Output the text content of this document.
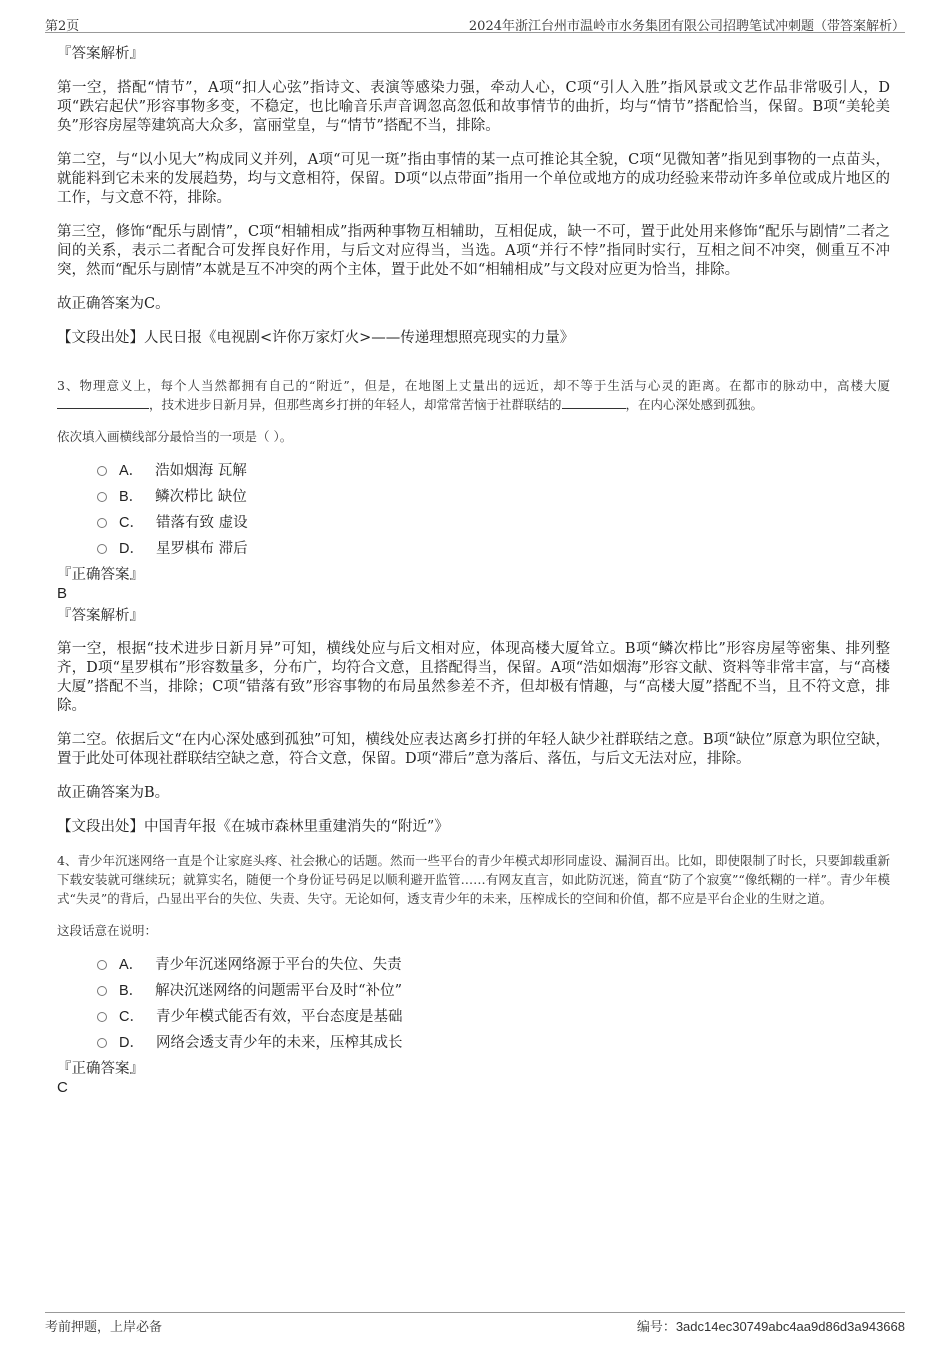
第2页	2024年浙江台州市温岭市水务集团有限公司招聘笔试冲刺题（带答案解析）
『答案解析』

第一空，搭配“情节”，A项“扣人心弦”指诗文、表演等感染力强，牵动人心，C项“引人入胜”指风景或文艺作品非常吸引人，D项“跌宕起伏”形容事物多变，不稳定，也比喻音乐声音调忽高忽低和故事情节的曲折，均与“情节”搭配恰当，保留。B项“美轮美奂”形容房屋等建筑高大众多，富丽堂皇，与“情节”搭配不当，排除。

第二空，与“以小见大”构成同义并列，A项“可见一斑”指由事情的某一点可推论其全貌，C项“见微知著”指见到事物的一点苗头，就能料到它未来的发展趋势，均与文意相符，保留。D项“以点带面”指用一个单位或地方的成功经验来带动许多单位或成片地区的工作，与文意不符，排除。

第三空，修饰“配乐与剧情”，C项“相辅相成”指两种事物互相辅助，互相促成，缺一不可，置于此处用来修饰“配乐与剧情”二者之间的关系，表示二者配合可发挥良好作用，与后文对应得当，当选。A项“并行不悖”指同时实行，互相之间不冲突，侧重互不冲突，然而“配乐与剧情”本就是互不冲突的两个主体，置于此处不如“相辅相成”与文段对应更为恰当，排除。

故正确答案为C。

【文段出处】人民日报《电视剧<许你万家灯火>——传递理想照亮现实的力量》

3、物理意义上，每个人当然都拥有自己的“附近”，但是，在地图上丈量出的远近，却不等于生活与心灵的距离。在都市的脉动中，高楼大厦，技术进步日新月异，但那些离乡打拼的年轻人，却常常苦恼于社群联结的	，在内心深处感到孤独。

依次填入画横线部分最恰当的一项是（ ）。
A． 浩如烟海 瓦解
B． 鳞次栉比 缺位
C． 错落有致 虚设
D． 星罗棋布 滞后
『正确答案』
B
『答案解析』

第一空，根据“技术进步日新月异”可知，横线处应与后文相对应，体现高楼大厦耸立。B项“鳞次栉比”形容房屋等密集、排列整齐，D项“星罗棋布”形容数量多，分布广，均符合文意，且搭配得当，保留。A项“浩如烟海”形容文献、资料等非常丰富，与“高楼大厦”搭配不当，排除；C项“错落有致”形容事物的布局虽然参差不齐，但却极有情趣，与“高楼大厦”搭配不当，且不符文意，排除。

第二空。依据后文“在内心深处感到孤独”可知，横线处应表达离乡打拼的年轻人缺少社群联结之意。B项“缺位”原意为职位空缺，置于此处可体现社群联结空缺之意，符合文意，保留。D项“滞后”意为落后、落伍，与后文无法对应，排除。

故正确答案为B。

【文段出处】中国青年报《在城市森林里重建消失的“附近”》

4、青少年沉迷网络一直是个让家庭头疼、社会揪心的话题。然而一些平台的青少年模式却形同虚设、漏洞百出。比如，即使限制了时长，只要卸载重新下载安装就可继续玩；就算实名，随便一个身份证号码足以顺利避开监管……有网友直言，如此防沉迷，简直“防了个寂寞”“像纸糊的一样”。青少年模式“失灵”的背后，凸显出平台的失位、失责、失守。无论如何，透支青少年的未来，压榨成长的空间和价值，都不应是平台企业的生财之道。

这段话意在说明：
A． 青少年沉迷网络源于平台的失位、失责
B． 解决沉迷网络的问题需平台及时“补位”
C． 青少年模式能否有效，平台态度是基础
D． 网络会透支青少年的未来，压榨其成长
『正确答案』
C
考前押题，上岸必备	编号：3adc14ec30749abc4aa9d86d3a943668
